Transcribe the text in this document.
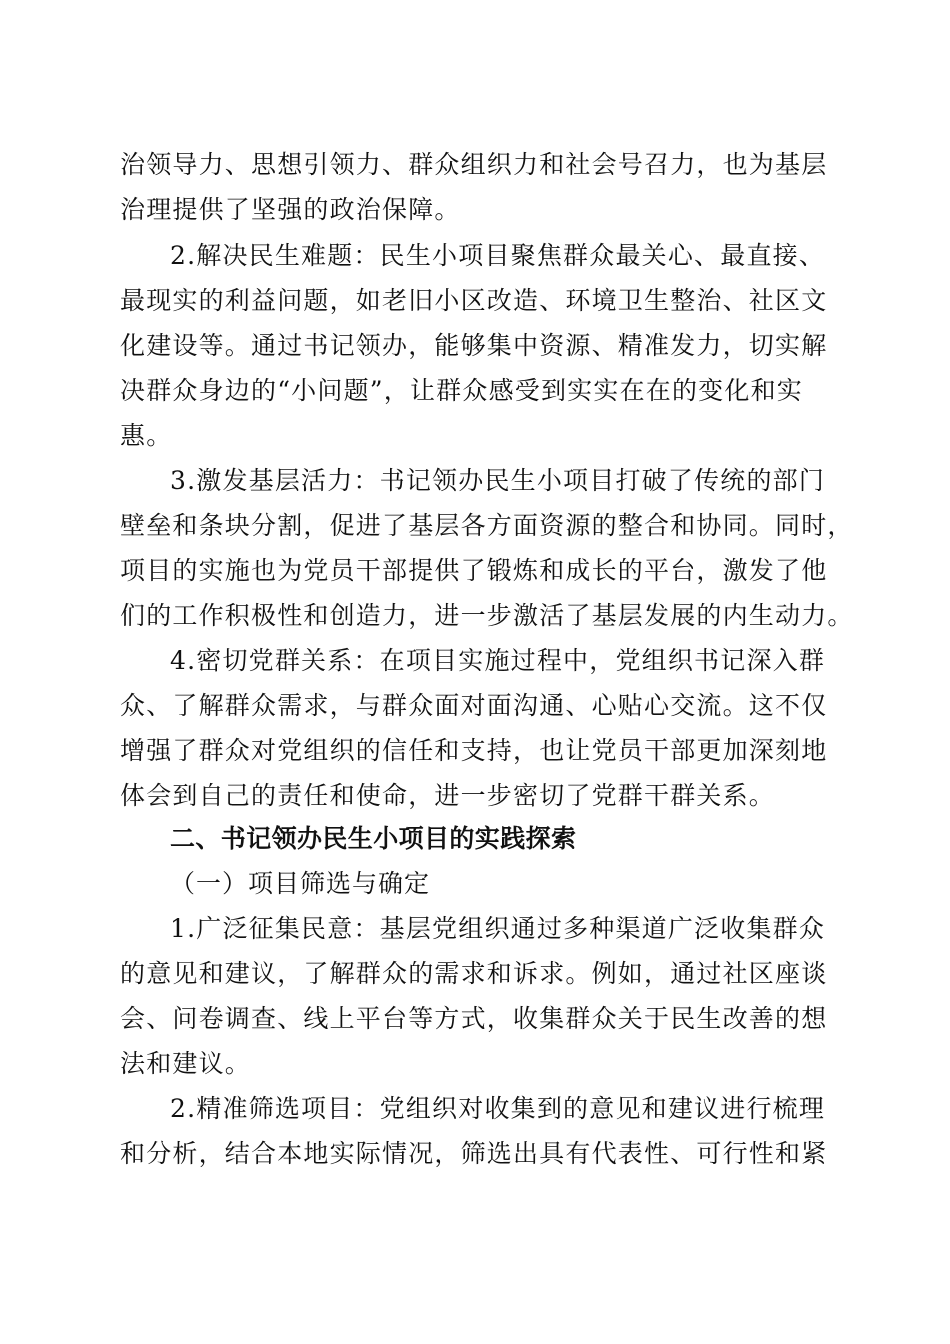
治领导力、思想引领力、群众组织力和社会号召力，也为基层
治理提供了坚强的政治保障。
2.解决民生难题：民生小项目聚焦群众最关心、最直接、
最现实的利益问题，如老旧小区改造、环境卫生整治、社区文
化建设等。通过书记领办，能够集中资源、精准发力，切实解
决群众身边的“小问题”，让群众感受到实实在在的变化和实
惠。
3.激发基层活力：书记领办民生小项目打破了传统的部门
壁垒和条块分割，促进了基层各方面资源的整合和协同。同时，
项目的实施也为党员干部提供了锻炼和成长的平台，激发了他
们的工作积极性和创造力，进一步激活了基层发展的内生动力。
4.密切党群关系：在项目实施过程中，党组织书记深入群
众、了解群众需求，与群众面对面沟通、心贴心交流。这不仅
增强了群众对党组织的信任和支持，也让党员干部更加深刻地
体会到自己的责任和使命，进一步密切了党群干群关系。
二、书记领办民生小项目的实践探索
（一）项目筛选与确定
1.广泛征集民意：基层党组织通过多种渠道广泛收集群众
的意见和建议，了解群众的需求和诉求。例如，通过社区座谈
会、问卷调查、线上平台等方式，收集群众关于民生改善的想
法和建议。
2.精准筛选项目：党组织对收集到的意见和建议进行梳理
和分析，结合本地实际情况，筛选出具有代表性、可行性和紧
